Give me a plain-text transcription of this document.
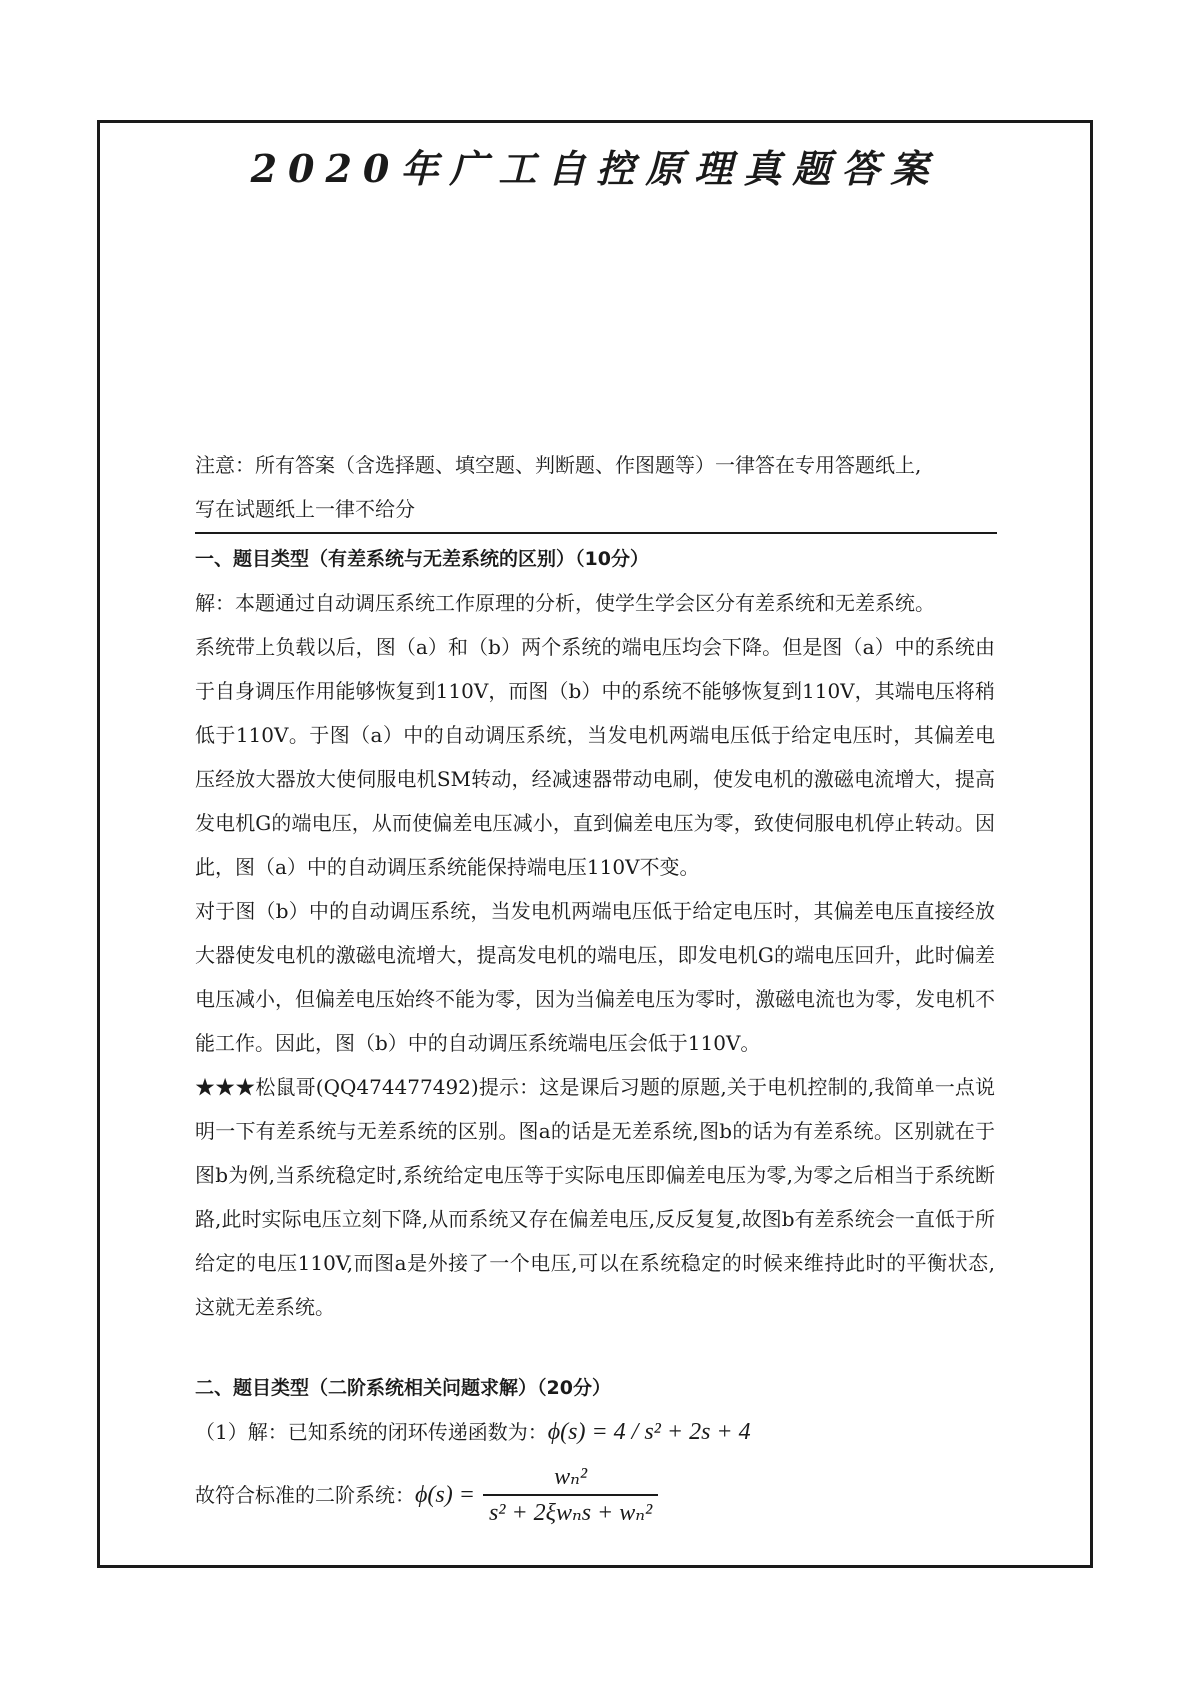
2020年广工自控原理真题答案

注意：所有答案（含选择题、填空题、判断题、作图题等）一律答在专用答题纸上,

写在试题纸上一律不给分

一、题目类型（有差系统与无差系统的区别）（10分）

解：本题通过自动调压系统工作原理的分析，使学生学会区分有差系统和无差系统。

系统带上负载以后，图（a）和（b）两个系统的端电压均会下降。但是图（a）中的系统由于自身调压作用能够恢复到110V，而图（b）中的系统不能够恢复到110V，其端电压将稍低于110V。于图（a）中的自动调压系统，当发电机两端电压低于给定电压时，其偏差电压经放大器放大使伺服电机SM转动，经减速器带动电刷，使发电机的激磁电流增大，提高发电机G的端电压，从而使偏差电压减小，直到偏差电压为零，致使伺服电机停止转动。因此，图（a）中的自动调压系统能保持端电压110V不变。

对于图（b）中的自动调压系统，当发电机两端电压低于给定电压时，其偏差电压直接经放大器使发电机的激磁电流增大，提高发电机的端电压，即发电机G的端电压回升，此时偏差电压减小，但偏差电压始终不能为零，因为当偏差电压为零时，激磁电流也为零，发电机不能工作。因此，图（b）中的自动调压系统端电压会低于110V。

★★★松鼠哥(QQ474477492)提示：这是课后习题的原题,关于电机控制的,我简单一点说明一下有差系统与无差系统的区别。图a的话是无差系统,图b的话为有差系统。区别就在于图b为例,当系统稳定时,系统给定电压等于实际电压即偏差电压为零,为零之后相当于系统断路,此时实际电压立刻下降,从而系统又存在偏差电压,反反复复,故图b有差系统会一直低于所给定的电压110V,而图a是外接了一个电压,可以在系统稳定的时候来维持此时的平衡状态,这就无差系统。

二、题目类型（二阶系统相关问题求解）（20分）

（1）解：已知系统的闭环传递函数为： ϕ(s) = 4 / s² + 2s + 4
故符合标准的二阶系统： $\phi(s) = \frac{\text{wₙ²}}{\text{s² + 2ξwₙs + wₙ²}}$
